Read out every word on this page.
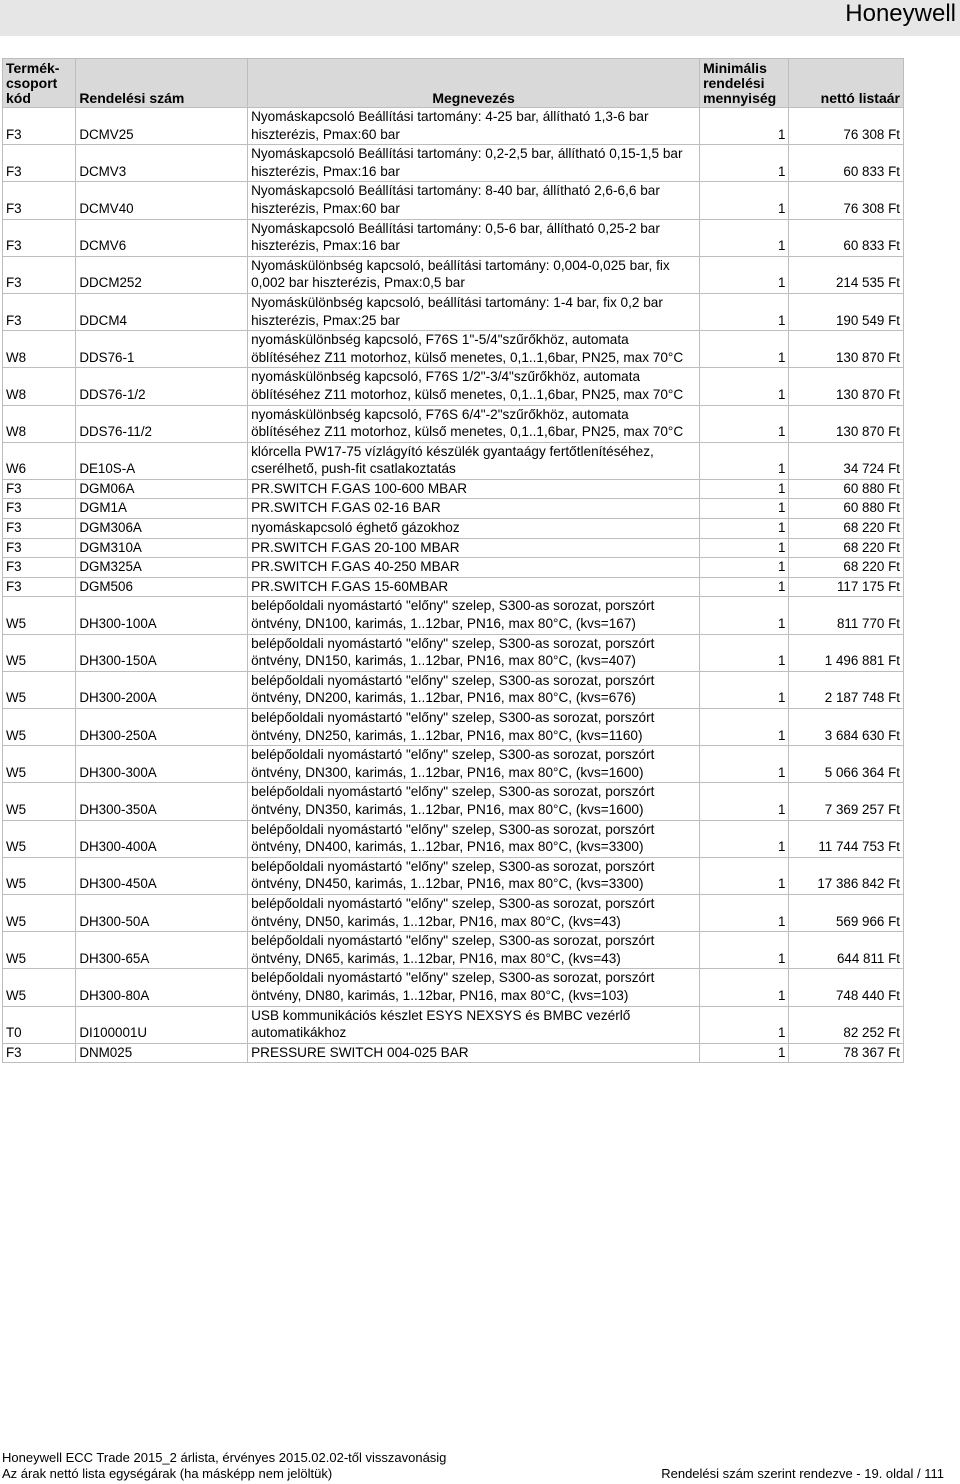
Honeywell
Termék-csoport kód	Rendelési szám	Megnevezés	Minimális rendelési mennyiség	nettó listaár
F3	DCMV25	Nyomáskapcsoló Beállítási tartomány: 4-25 bar, állítható 1,3-6 bar hiszterézis, Pmax:60 bar	1	76 308 Ft
F3	DCMV3	Nyomáskapcsoló Beállítási tartomány: 0,2-2,5 bar, állítható 0,15-1,5 bar hiszterézis, Pmax:16 bar	1	60 833 Ft
F3	DCMV40	Nyomáskapcsoló Beállítási tartomány: 8-40 bar, állítható 2,6-6,6 bar hiszterézis, Pmax:60 bar	1	76 308 Ft
F3	DCMV6	Nyomáskapcsoló Beállítási tartomány: 0,5-6 bar, állítható 0,25-2 bar hiszterézis, Pmax:16 bar	1	60 833 Ft
F3	DDCM252	Nyomáskülönbség kapcsoló, beállítási tartomány: 0,004-0,025 bar, fix 0,002 bar hiszterézis, Pmax:0,5 bar	1	214 535 Ft
F3	DDCM4	Nyomáskülönbség kapcsoló, beállítási tartomány: 1-4 bar, fix 0,2 bar hiszterézis, Pmax:25 bar	1	190 549 Ft
W8	DDS76-1	nyomáskülönbség kapcsoló, F76S 1"-5/4"szűrőkhöz, automata öblítéséhez Z11 motorhoz, külső menetes, 0,1..1,6bar, PN25, max 70°C	1	130 870 Ft
W8	DDS76-1/2	nyomáskülönbség kapcsoló, F76S 1/2"-3/4"szűrőkhöz, automata öblítéséhez Z11 motorhoz, külső menetes, 0,1..1,6bar, PN25, max 70°C	1	130 870 Ft
W8	DDS76-11/2	nyomáskülönbség kapcsoló, F76S 6/4"-2"szűrőkhöz, automata öblítéséhez Z11 motorhoz, külső menetes, 0,1..1,6bar, PN25, max 70°C	1	130 870 Ft
W6	DE10S-A	klórcella PW17-75 vízlágyító készülék gyantaágy fertőtlenítéséhez, cserélhető, push-fit csatlakoztatás	1	34 724 Ft
F3	DGM06A	PR.SWITCH F.GAS 100-600 MBAR	1	60 880 Ft
F3	DGM1A	PR.SWITCH F.GAS 02-16 BAR	1	60 880 Ft
F3	DGM306A	nyomáskapcsoló éghető gázokhoz	1	68 220 Ft
F3	DGM310A	PR.SWITCH F.GAS 20-100 MBAR	1	68 220 Ft
F3	DGM325A	PR.SWITCH F.GAS 40-250 MBAR	1	68 220 Ft
F3	DGM506	PR.SWITCH F.GAS 15-60MBAR	1	117 175 Ft
W5	DH300-100A	belépőoldali nyomástartó "előny" szelep, S300-as sorozat, porszórt öntvény, DN100, karimás, 1..12bar, PN16, max 80°C, (kvs=167)	1	811 770 Ft
W5	DH300-150A	belépőoldali nyomástartó "előny" szelep, S300-as sorozat, porszórt öntvény, DN150, karimás, 1..12bar, PN16, max 80°C, (kvs=407)	1	1 496 881 Ft
W5	DH300-200A	belépőoldali nyomástartó "előny" szelep, S300-as sorozat, porszórt öntvény, DN200, karimás, 1..12bar, PN16, max 80°C, (kvs=676)	1	2 187 748 Ft
W5	DH300-250A	belépőoldali nyomástartó "előny" szelep, S300-as sorozat, porszórt öntvény, DN250, karimás, 1..12bar, PN16, max 80°C, (kvs=1160)	1	3 684 630 Ft
W5	DH300-300A	belépőoldali nyomástartó "előny" szelep, S300-as sorozat, porszórt öntvény, DN300, karimás, 1..12bar, PN16, max 80°C, (kvs=1600)	1	5 066 364 Ft
W5	DH300-350A	belépőoldali nyomástartó "előny" szelep, S300-as sorozat, porszórt öntvény, DN350, karimás, 1..12bar, PN16, max 80°C, (kvs=1600)	1	7 369 257 Ft
W5	DH300-400A	belépőoldali nyomástartó "előny" szelep, S300-as sorozat, porszórt öntvény, DN400, karimás, 1..12bar, PN16, max 80°C, (kvs=3300)	1	11 744 753 Ft
W5	DH300-450A	belépőoldali nyomástartó "előny" szelep, S300-as sorozat, porszórt öntvény, DN450, karimás, 1..12bar, PN16, max 80°C, (kvs=3300)	1	17 386 842 Ft
W5	DH300-50A	belépőoldali nyomástartó "előny" szelep, S300-as sorozat, porszórt öntvény, DN50, karimás, 1..12bar, PN16, max 80°C, (kvs=43)	1	569 966 Ft
W5	DH300-65A	belépőoldali nyomástartó "előny" szelep, S300-as sorozat, porszórt öntvény, DN65, karimás, 1..12bar, PN16, max 80°C, (kvs=43)	1	644 811 Ft
W5	DH300-80A	belépőoldali nyomástartó "előny" szelep, S300-as sorozat, porszórt öntvény, DN80, karimás, 1..12bar, PN16, max 80°C, (kvs=103)	1	748 440 Ft
T0	DI100001U	USB kommunikációs készlet ESYS NEXSYS és BMBC vezérlő automatikákhoz	1	82 252 Ft
F3	DNM025	PRESSURE SWITCH 004-025 BAR	1	78 367 Ft
Honeywell ECC Trade 2015_2 árlista, érvényes 2015.02.02-től visszavonásig
Az árak nettó lista egységárak (ha másképp nem jelöltük)	Rendelési szám szerint rendezve - 19. oldal / 111
